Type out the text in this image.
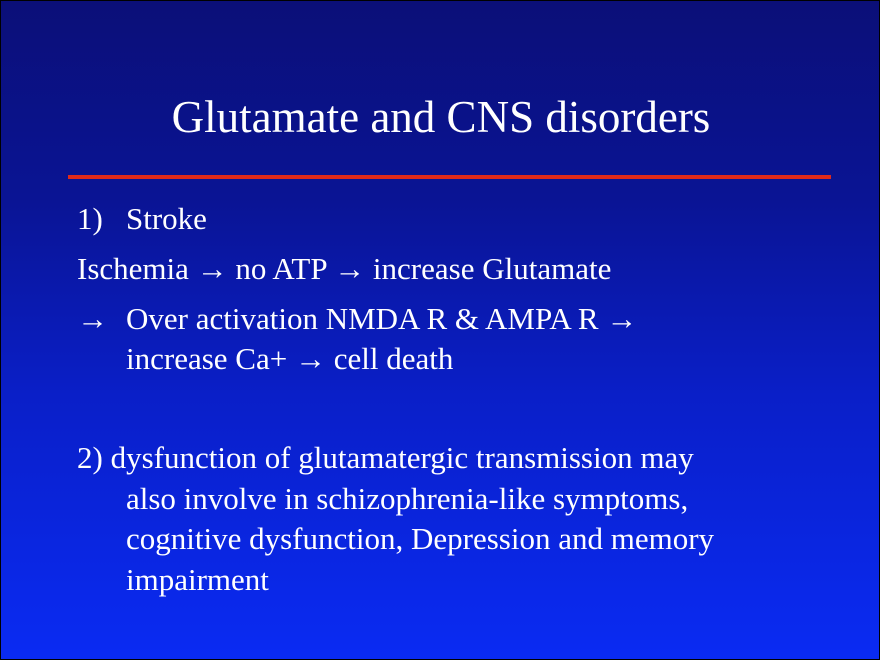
Glutamate and CNS disorders
1) Stroke
Ischemia → no ATP → increase Glutamate
→ Over activation NMDA R & AMPA R →
increase Ca+ → cell death
2) dysfunction of glutamatergic transmission may
also involve in schizophrenia-like symptoms,
cognitive dysfunction, Depression and memory
impairment
